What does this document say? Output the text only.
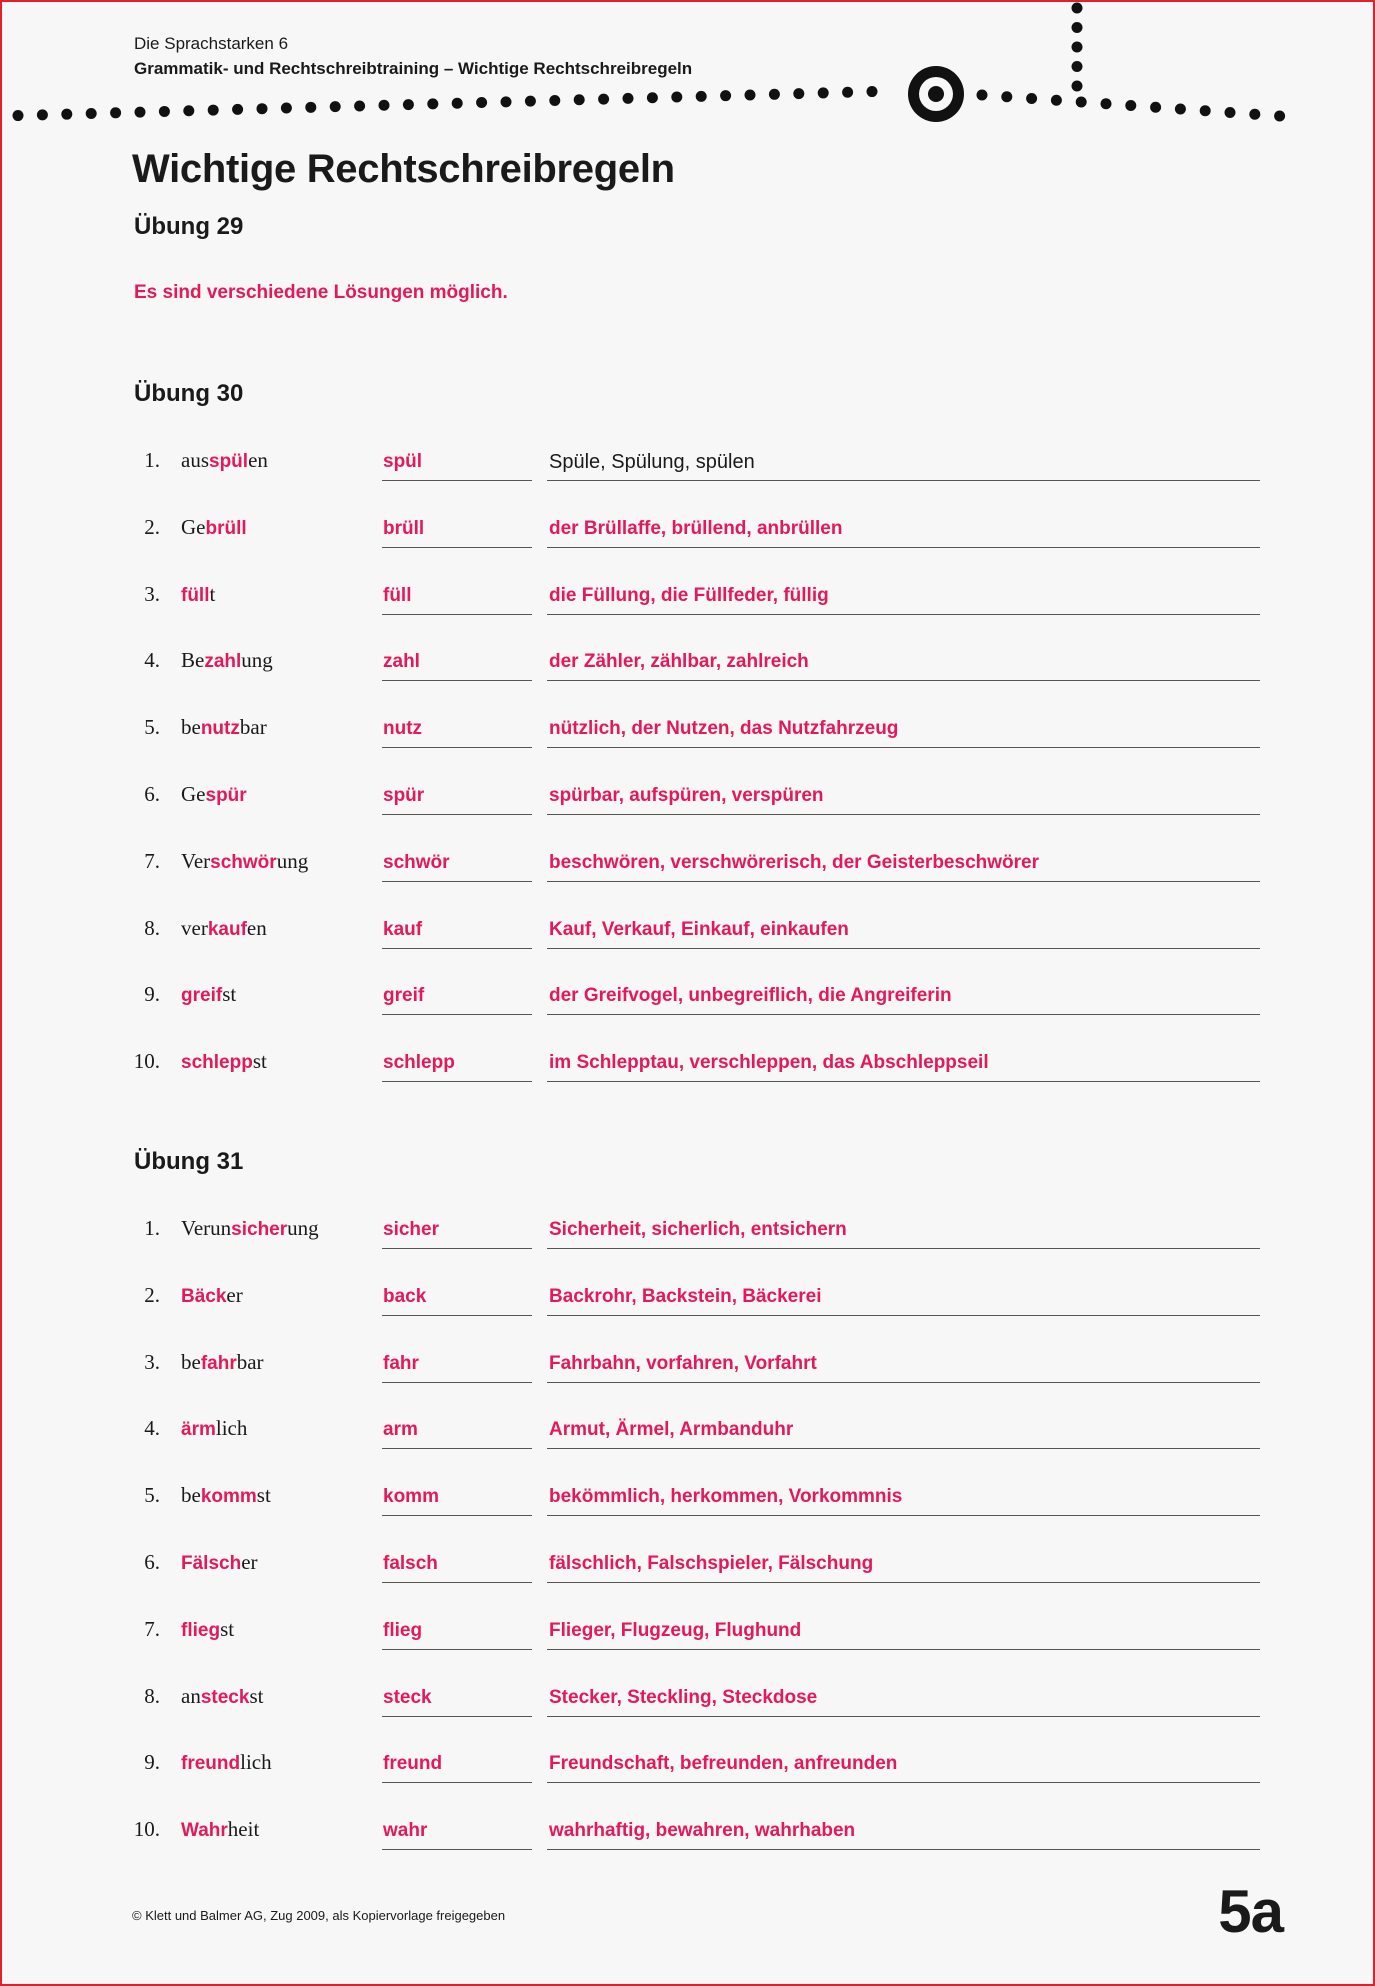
Die Sprachstarken 6
Grammatik- und Rechtschreibtraining – Wichtige Rechtschreibregeln
Wichtige Rechtschreibregeln
Übung 29
Es sind verschiedene Lösungen möglich.
Übung 30
1. ausspülen	spül	Spüle, Spülung, spülen
2. Gebrüll	brüll	der Brüllaffe, brüllend, anbrüllen
3. füllt	füll	die Füllung, die Füllfeder, füllig
4. Bezahlung	zahl	der Zähler, zählbar, zahlreich
5. benutzbar	nutz	nützlich, der Nutzen, das Nutzfahrzeug
6. Gespür	spür	spürbar, aufspüren, verspüren
7. Verschwörung	schwör	beschwören, verschwörerisch, der Geisterbeschwörer
8. verkaufen	kauf	Kauf, Verkauf, Einkauf, einkaufen
9. greifst	greif	der Greifvogel, unbegreiflich, die Angreiferin
10. schleppst	schlepp	im Schlepptau, verschleppen, das Abschleppseil
Übung 31
1. Verunsicherung	sicher	Sicherheit, sicherlich, entsichern
2. Bäcker	back	Backrohr, Backstein, Bäckerei
3. befahrbar	fahr	Fahrbahn, vorfahren, Vorfahrt
4. ärmlich	arm	Armut, Ärmel, Armbanduhr
5. bekommst	komm	bekömmlich, herkommen, Vorkommnis
6. Fälscher	falsch	fälschlich, Falschspieler, Fälschung
7. fliegst	flieg	Flieger, Flugzeug, Flughund
8. ansteckst	steck	Stecker, Steckling, Steckdose
9. freundlich	freund	Freundschaft, befreunden, anfreunden
10. Wahrheit	wahr	wahrhaftig, bewahren, wahrhaben
© Klett und Balmer AG, Zug 2009, als Kopiervorlage freigegeben	5a
